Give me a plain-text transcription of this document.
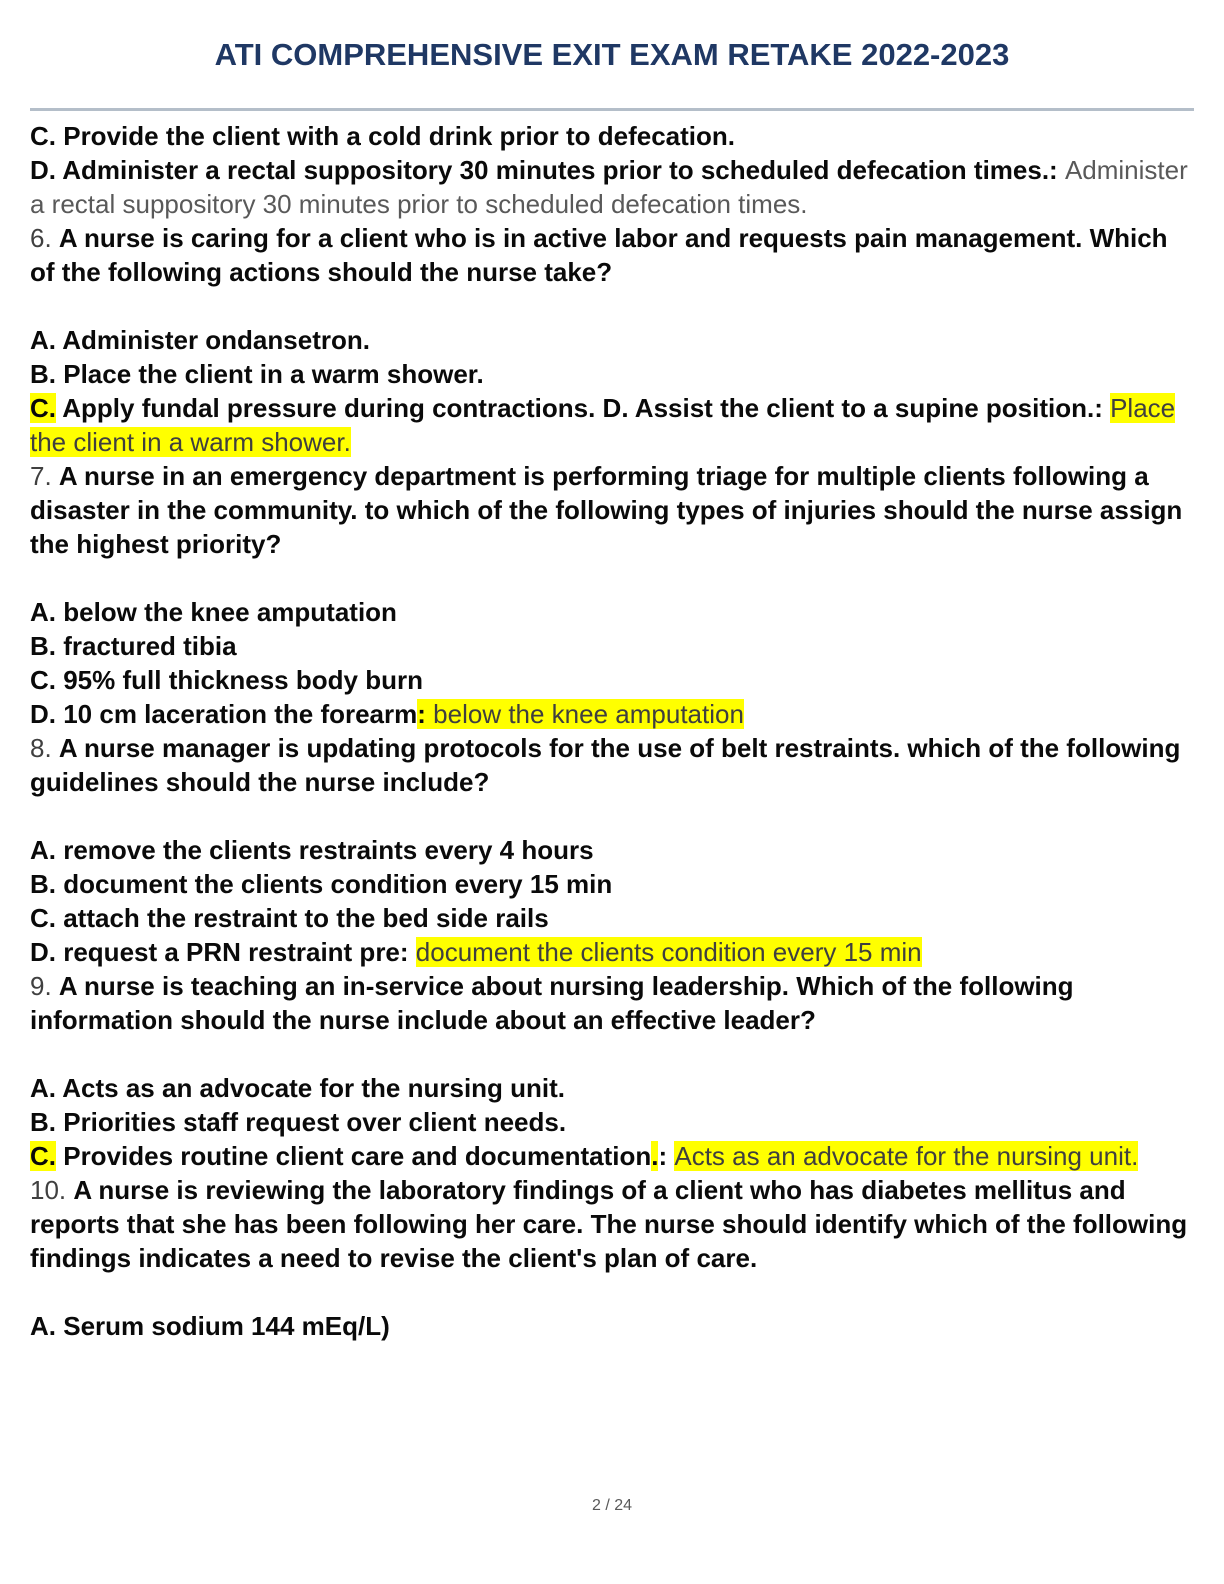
ATI COMPREHENSIVE EXIT EXAM RETAKE 2022-2023

C. Provide the client with a cold drink prior to defecation.

D. Administer a rectal suppository 30 minutes prior to scheduled defecation times.: Administer a rectal suppository 30 minutes prior to scheduled defecation times.

6. A nurse is caring for a client who is in active labor and requests pain management. Which of the following actions should the nurse take?

A. Administer ondansetron.

B. Place the client in a warm shower.

C. Apply fundal pressure during contractions. D. Assist the client to a supine position.: Place the client in a warm shower.

7. A nurse in an emergency department is performing triage for multiple clients following a disaster in the community. to which of the following types of injuries should the nurse assign the highest priority?

A. below the knee amputation

B. fractured tibia

C. 95% full thickness body burn

D. 10 cm laceration the forearm: below the knee amputation

8. A nurse manager is updating protocols for the use of belt restraints. which of the following guidelines should the nurse include?

A. remove the clients restraints every 4 hours

B. document the clients condition every 15 min

C. attach the restraint to the bed side rails

D. request a PRN restraint pre: document the clients condition every 15 min

9. A nurse is teaching an in-service about nursing leadership. Which of the following information should the nurse include about an effective leader?

A. Acts as an advocate for the nursing unit.

B. Priorities staff request over client needs.

C. Provides routine client care and documentation.: Acts as an advocate for the nursing unit.

10. A nurse is reviewing the laboratory findings of a client who has diabetes mellitus and reports that she has been following her care. The nurse should identify which of the following findings indicates a need to revise the client's plan of care.

A. Serum sodium 144 mEq/L)

2 / 24
